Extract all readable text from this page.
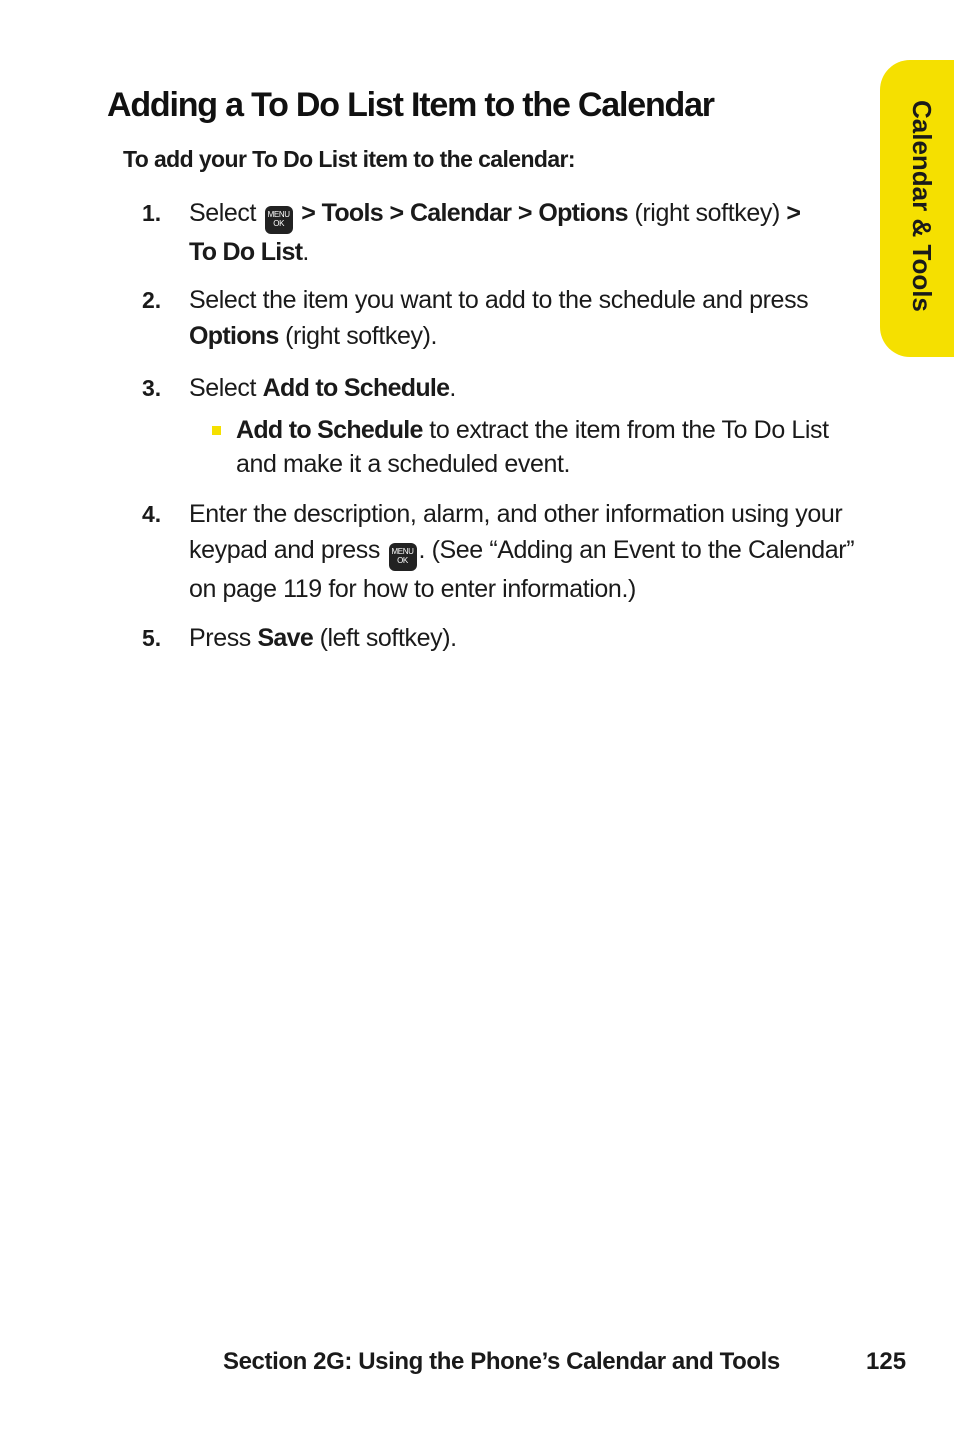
Calendar & Tools
Adding a To Do List Item to the Calendar
To add your To Do List item to the calendar:
1. Select	MENU
OK > Tools > Calendar > Options (right softkey) >
To Do List.
2. Select the item you want to add to the schedule and press
Options (right softkey).
3. Select Add to Schedule.
Add to Schedule to extract the item from the To Do List and make it a scheduled event.
4. Enter the description, alarm, and other information using your keypad and press	MENU
OK . (See “Adding an Event to the Calendar” on page 119 for how to enter information.)
5. Press Save (left softkey).
Section 2G: Using the Phone’s Calendar and Tools	125
